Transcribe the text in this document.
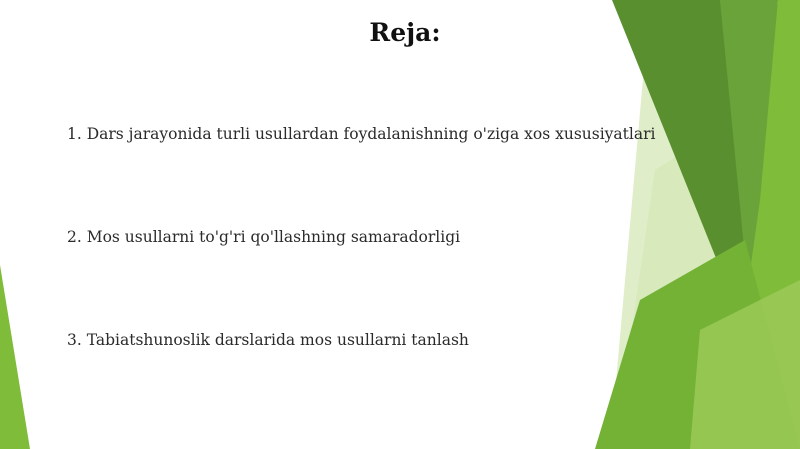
Reja:
1. Dars jarayonida turli usullardan foydalanishning o'ziga xos xususiyatlari
2. Mos usullarni to'g'ri qo'llashning samaradorligi
3. Tabiatshunoslik darslarida mos usullarni tanlash
